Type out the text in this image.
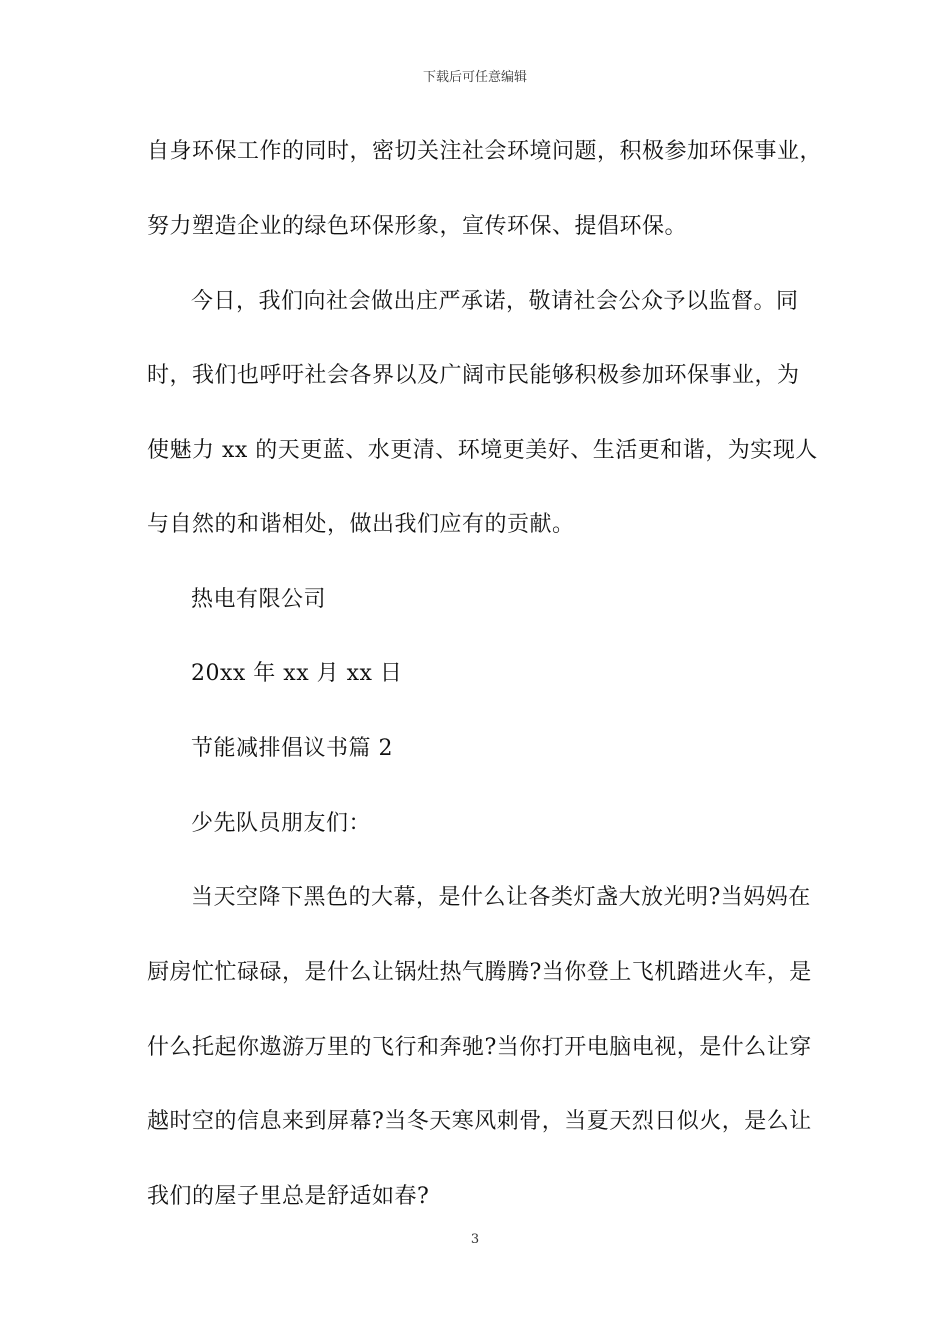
下载后可任意编辑
自身环保工作的同时，密切关注社会环境问题，积极参加环保事业，
努力塑造企业的绿色环保形象，宣传环保、提倡环保。
今日，我们向社会做出庄严承诺，敬请社会公众予以监督。同
时，我们也呼吁社会各界以及广阔市民能够积极参加环保事业，为
使魅力 xx 的天更蓝、水更清、环境更美好、生活更和谐，为实现人
与自然的和谐相处，做出我们应有的贡献。
热电有限公司
20xx 年 xx 月 xx 日
节能减排倡议书篇 2
少先队员朋友们：
当天空降下黑色的大幕，是什么让各类灯盏大放光明?当妈妈在
厨房忙忙碌碌，是什么让锅灶热气腾腾?当你登上飞机踏进火车，是
什么托起你遨游万里的飞行和奔驰?当你打开电脑电视，是什么让穿
越时空的信息来到屏幕?当冬天寒风刺骨，当夏天烈日似火，是么让
我们的屋子里总是舒适如春?
3
